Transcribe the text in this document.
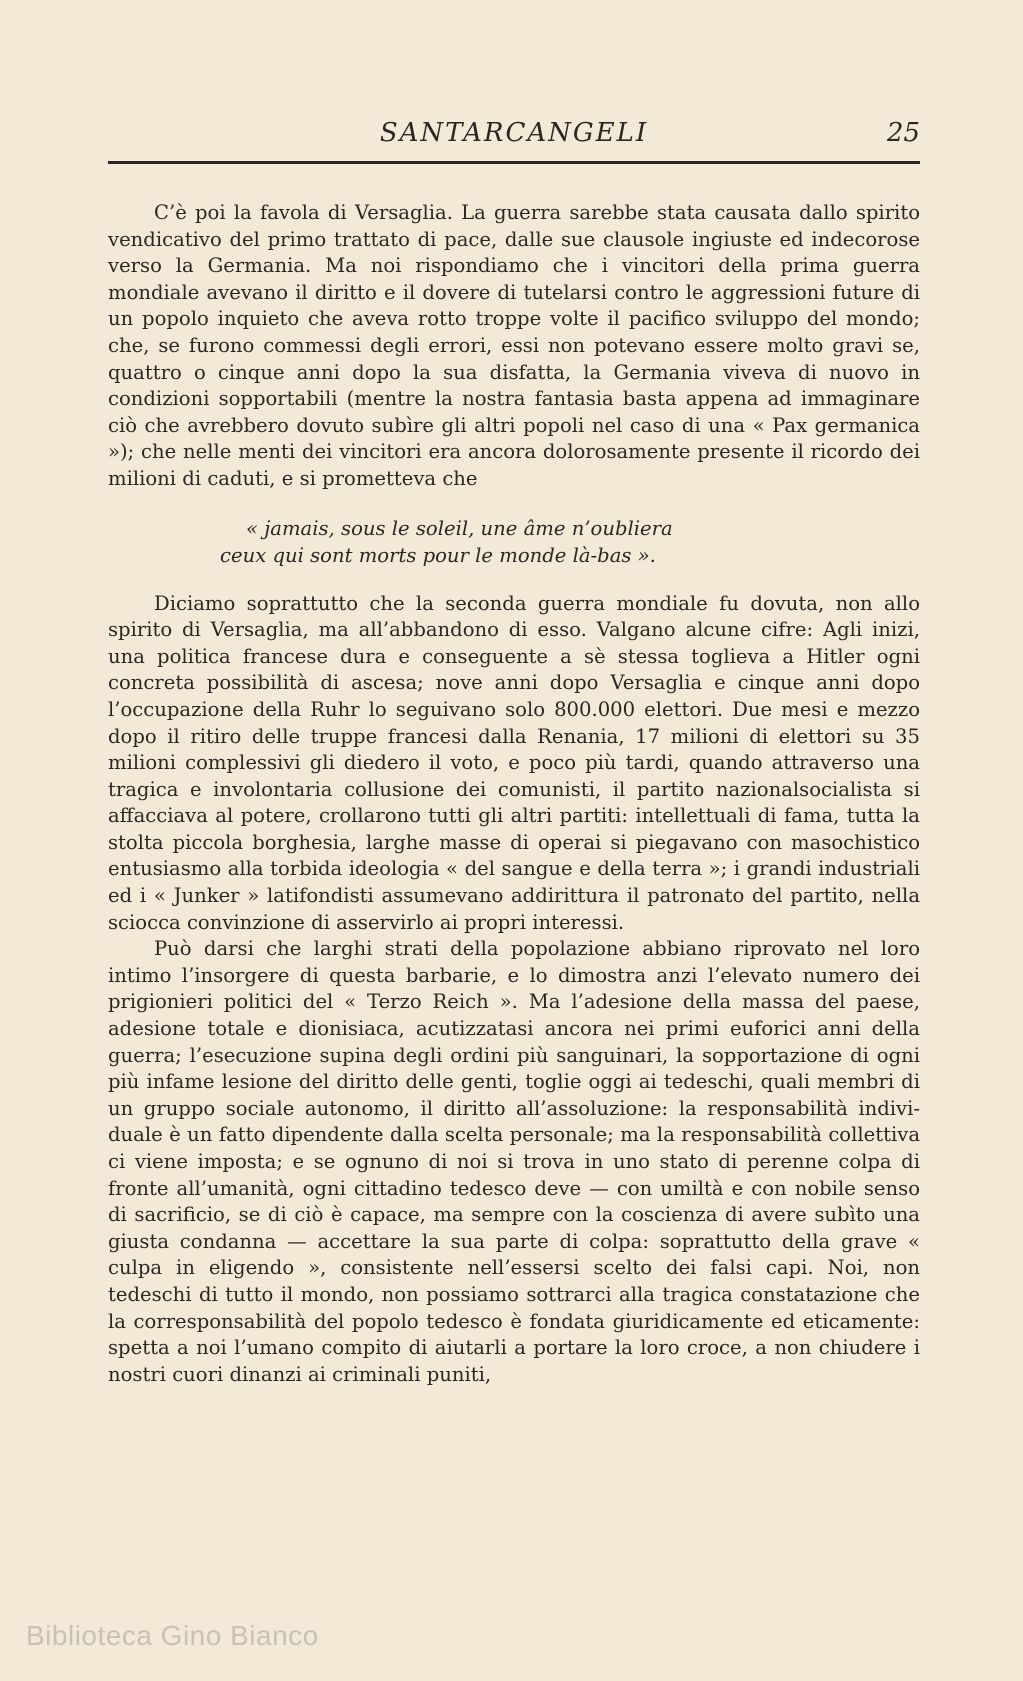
SANTARCANGELI	25

C’è poi la favola di Versaglia. La guerra sarebbe stata causata dallo spirito vendicativo del primo trattato di pace, dalle sue clausole ingiuste ed indecorose verso la Germania. Ma noi rispondiamo che i vincitori della prima guerra mondiale avevano il diritto e il dovere di tutelarsi contro le aggressioni future di un popolo inquieto che aveva rotto troppe volte il pacifico sviluppo del mondo; che, se furono commessi degli errori, essi non potevano essere molto gravi se, quattro o cinque anni dopo la sua disfatta, la Germania viveva di nuovo in condizioni sopportabili (mentre la nostra fantasia basta appena ad immaginare ciò che avrebbero dovuto subìre gli altri popoli nel caso di una « Pax germanica »); che nelle menti dei vincitori era ancora dolorosamente presente il ricordo dei milioni di caduti, e si prometteva che

« jamais, sous le soleil, une âme n’oubliera
ceux qui sont morts pour le monde là-bas ».

Diciamo soprattutto che la seconda guerra mondiale fu dovuta, non allo spirito di Versaglia, ma all’abbandono di esso. Valgano alcune cifre: Agli inizi, una politica francese dura e conseguente a sè stessa toglieva a Hitler ogni concreta possibilità di ascesa; nove anni dopo Versaglia e cinque anni dopo l’occupazione della Ruhr lo seguivano solo 800.000 elettori. Due mesi e mezzo dopo il ritiro delle truppe francesi dalla Renania, 17 milioni di elettori su 35 milioni complessivi gli diedero il voto, e poco più tardi, quando attraverso una tragica e involontaria collusione dei comunisti, il partito nazionalsocialista si affacciava al potere, crollarono tutti gli altri partiti: intellettuali di fama, tutta la stolta piccola borghesia, larghe masse di operai si piegavano con masochistico entusiasmo alla torbida ideologia « del sangue e della terra »; i grandi industriali ed i « Junker » latifondisti assumevano addirittura il patronato del partito, nella sciocca convinzione di asservirlo ai propri interessi.

Può darsi che larghi strati della popolazione abbiano riprovato nel loro intimo l’insorgere di questa barbarie, e lo dimostra anzi l’elevato numero dei prigionieri politici del « Terzo Reich ». Ma l’adesione della massa del paese, adesione totale e dionisiaca, acutizzatasi ancora nei primi euforici anni della guerra; l’esecuzione supina degli ordini più sanguinari, la sopportazione di ogni più infame lesione del diritto delle genti, toglie oggi ai tedeschi, quali membri di un gruppo sociale autonomo, il diritto all’assoluzione: la responsabilità individuale è un fatto dipendente dalla scelta personale; ma la responsabilità collettiva ci viene imposta; e se ognuno di noi si trova in uno stato di perenne colpa di fronte all’umanità, ogni cittadino tedesco deve — con umiltà e con nobile senso di sacrificio, se di ciò è capace, ma sempre con la coscienza di avere subìto una giusta condanna — accettare la sua parte di colpa: soprattutto della grave « culpa in eligendo », consistente nell’essersi scelto dei falsi capi. Noi, non tedeschi di tutto il mondo, non possiamo sottrarci alla tragica constatazione che la corresponsabilità del popolo tedesco è fondata giuridicamente ed eticamente: spetta a noi l’umano compito di aiutarli a portare la loro croce, a non chiudere i nostri cuori dinanzi ai criminali puniti,

Biblioteca Gino Bianco
